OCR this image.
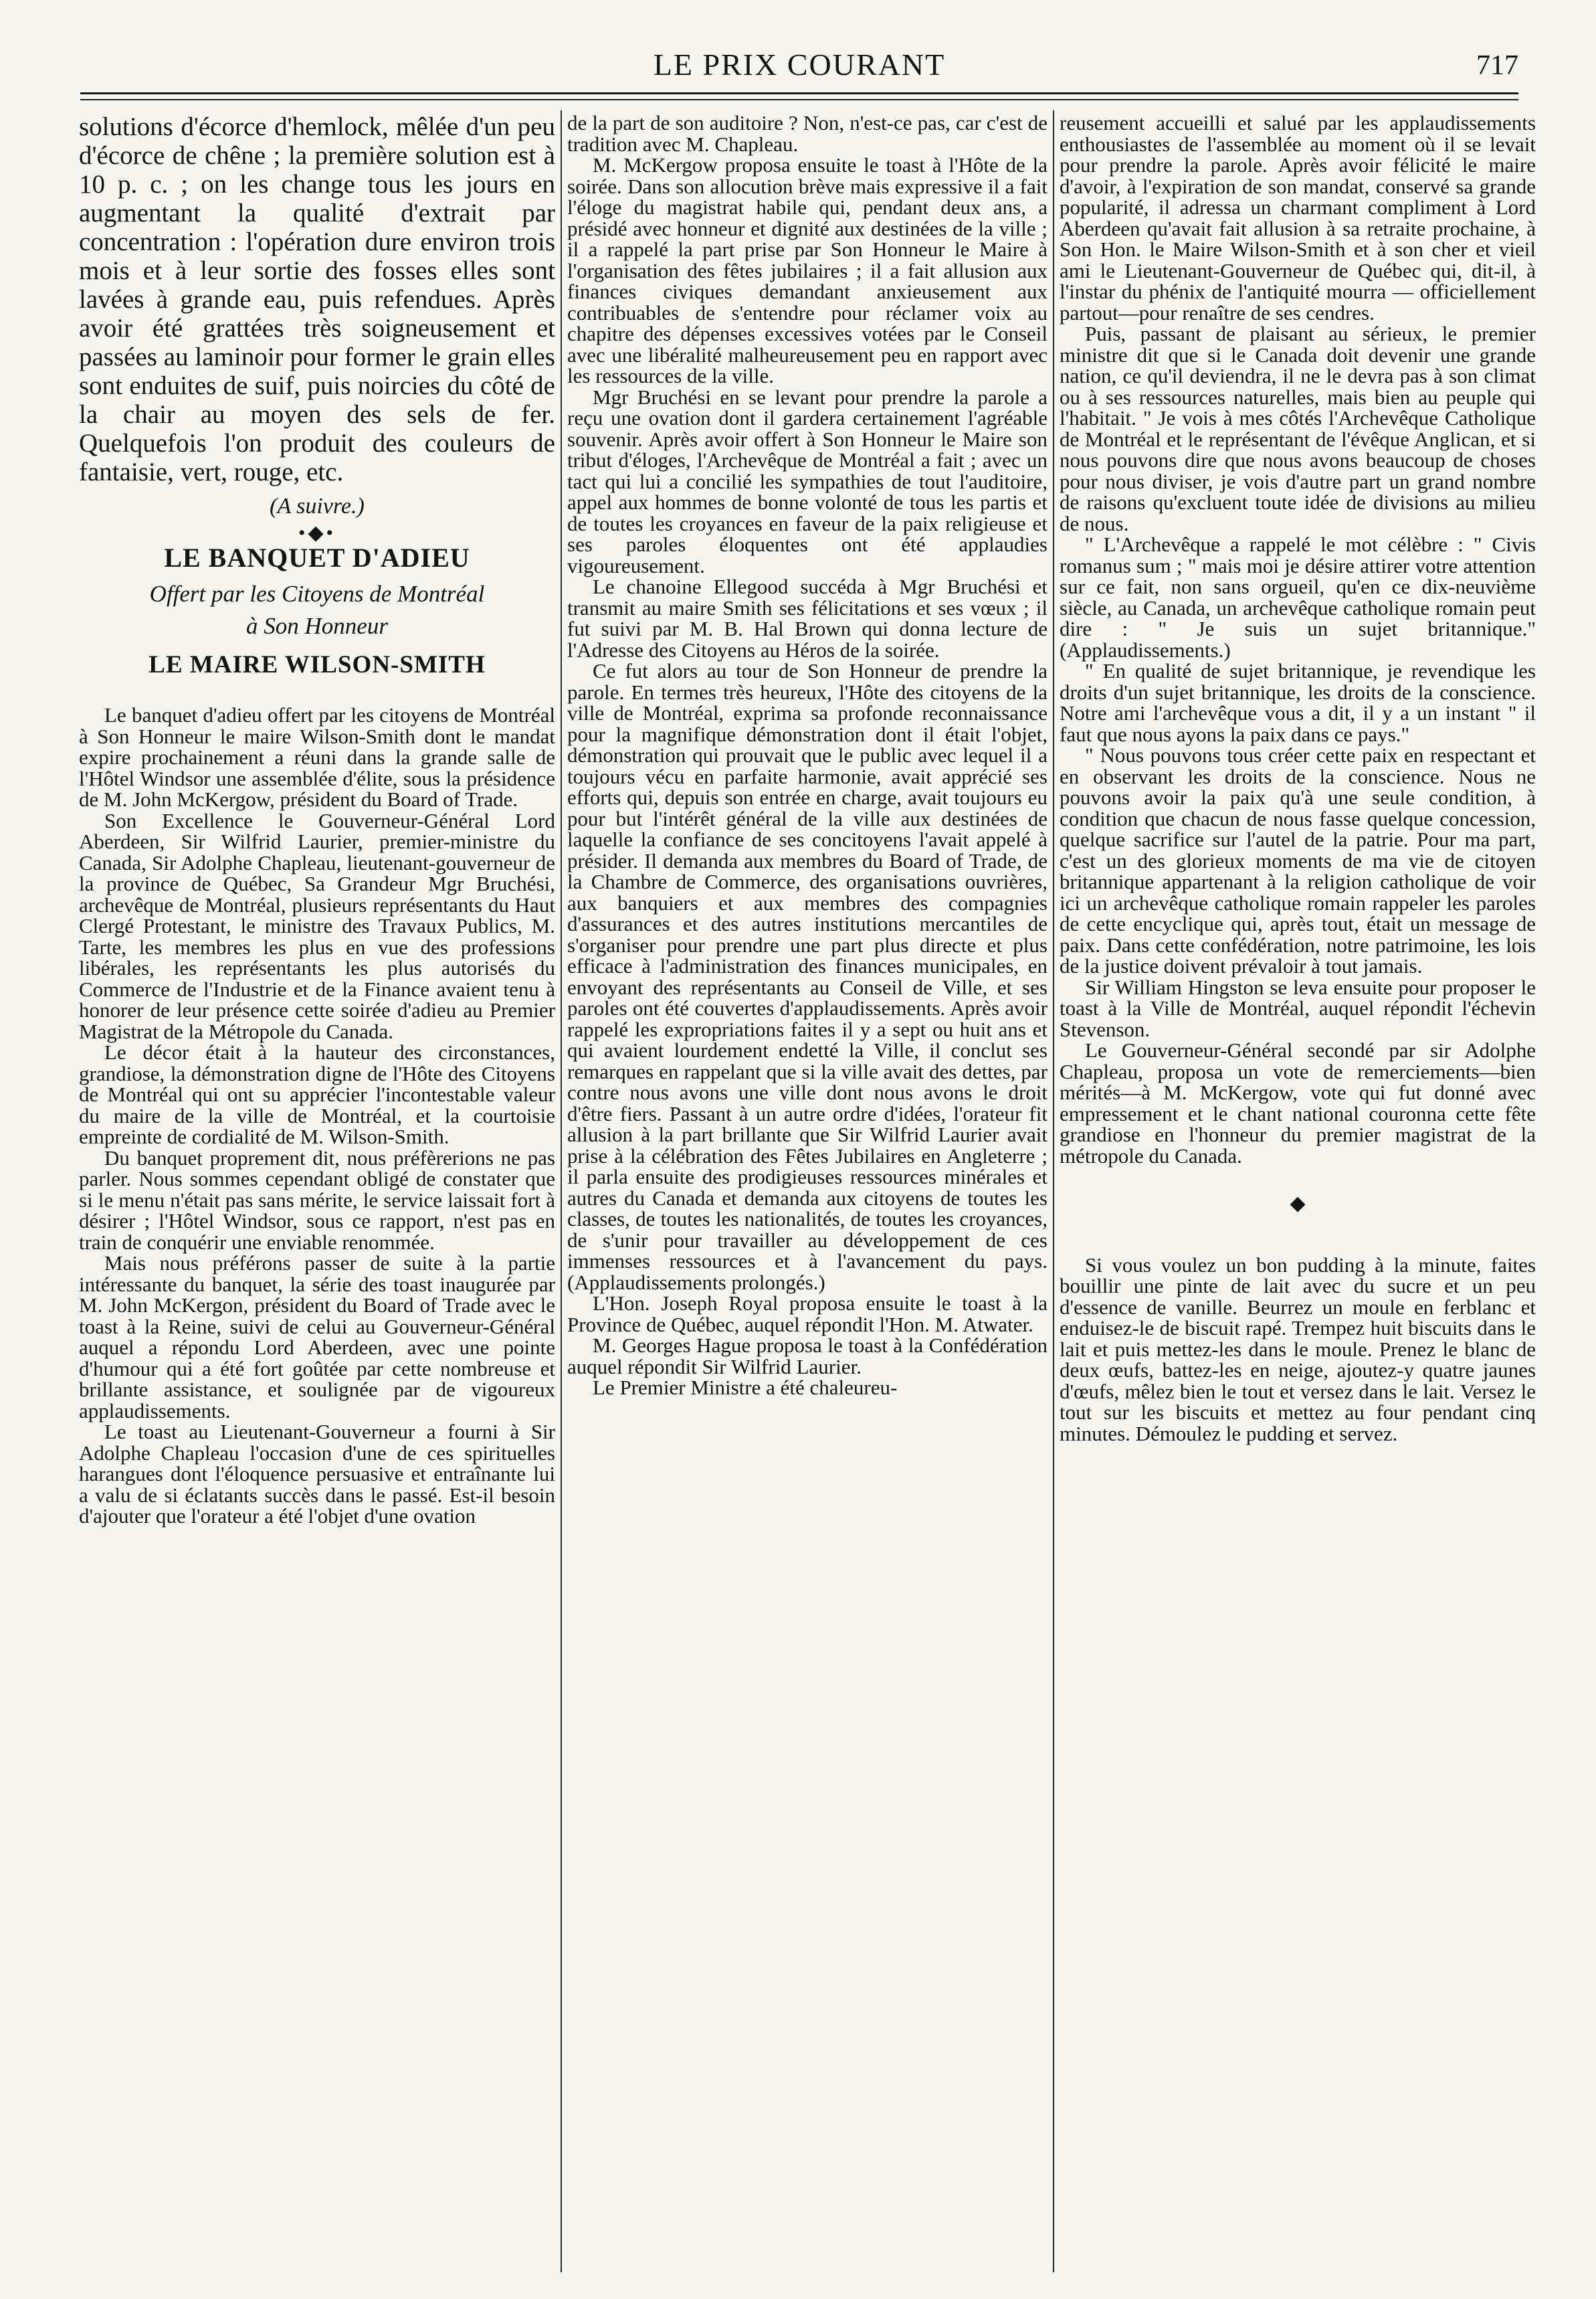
LE PRIX COURANT	717

solutions d'écorce d'hemlock, mêlée d'un peu d'écorce de chêne ; la première solution est à 10 p. c. ; on les change tous les jours en augmentant la qualité d'extrait par concentration : l'opération dure environ trois mois et à leur sortie des fosses elles sont lavées à grande eau, puis refendues. Après avoir été grattées très soigneusement et passées au laminoir pour former le grain elles sont enduites de suif, puis noircies du côté de la chair au moyen des sels de fer. Quelquefois l'on produit des couleurs de fantaisie, vert, rouge, etc.

(A suivre.)
•◆•
LE BANQUET D'ADIEU
Offert par les Citoyens de Montréal
à Son Honneur
LE MAIRE WILSON-SMITH

Le banquet d'adieu offert par les citoyens de Montréal à Son Honneur le maire Wilson-Smith dont le mandat expire prochainement a réuni dans la grande salle de l'Hôtel Windsor une assemblée d'élite, sous la présidence de M. John McKergow, président du Board of Trade.

Son Excellence le Gouverneur-Général Lord Aberdeen, Sir Wilfrid Laurier, premier-ministre du Canada, Sir Adolphe Chapleau, lieutenant-gouverneur de la province de Québec, Sa Grandeur Mgr Bruchési, archevêque de Montréal, plusieurs représentants du Haut Clergé Protestant, le ministre des Travaux Publics, M. Tarte, les membres les plus en vue des professions libérales, les représentants les plus autorisés du Commerce de l'Industrie et de la Finance avaient tenu à honorer de leur présence cette soirée d'adieu au Premier Magistrat de la Métropole du Canada.

Le décor était à la hauteur des circonstances, grandiose, la démonstration digne de l'Hôte des Citoyens de Montréal qui ont su apprécier l'incontestable valeur du maire de la ville de Montréal, et la courtoisie empreinte de cordialité de M. Wilson-Smith.

Du banquet proprement dit, nous préfèrerions ne pas parler. Nous sommes cependant obligé de constater que si le menu n'était pas sans mérite, le service laissait fort à désirer ; l'Hôtel Windsor, sous ce rapport, n'est pas en train de conquérir une enviable renommée.

Mais nous préférons passer de suite à la partie intéressante du banquet, la série des toast inaugurée par M. John McKergon, président du Board of Trade avec le toast à la Reine, suivi de celui au Gouverneur-Général auquel a répondu Lord Aberdeen, avec une pointe d'humour qui a été fort goûtée par cette nombreuse et brillante assistance, et soulignée par de vigoureux applaudissements.

Le toast au Lieutenant-Gouverneur a fourni à Sir Adolphe Chapleau l'occasion d'une de ces spirituelles harangues dont l'éloquence persuasive et entraînante lui a valu de si éclatants succès dans le passé. Est-il besoin d'ajouter que l'orateur a été l'objet d'une ovation

de la part de son auditoire ? Non, n'est-ce pas, car c'est de tradition avec M. Chapleau.

M. McKergow proposa ensuite le toast à l'Hôte de la soirée. Dans son allocution brève mais expressive il a fait l'éloge du magistrat habile qui, pendant deux ans, a présidé avec honneur et dignité aux destinées de la ville ; il a rappelé la part prise par Son Honneur le Maire à l'organisation des fêtes jubilaires ; il a fait allusion aux finances civiques demandant anxieusement aux contribuables de s'entendre pour réclamer voix au chapitre des dépenses excessives votées par le Conseil avec une libéralité malheureusement peu en rapport avec les ressources de la ville.

Mgr Bruchési en se levant pour prendre la parole a reçu une ovation dont il gardera certainement l'agréable souvenir. Après avoir offert à Son Honneur le Maire son tribut d'éloges, l'Archevêque de Montréal a fait ; avec un tact qui lui a concilié les sympathies de tout l'auditoire, appel aux hommes de bonne volonté de tous les partis et de toutes les croyances en faveur de la paix religieuse et ses paroles éloquentes ont été applaudies vigoureusement.

Le chanoine Ellegood succéda à Mgr Bruchési et transmit au maire Smith ses félicitations et ses vœux ; il fut suivi par M. B. Hal Brown qui donna lecture de l'Adresse des Citoyens au Héros de la soirée.

Ce fut alors au tour de Son Honneur de prendre la parole. En termes très heureux, l'Hôte des citoyens de la ville de Montréal, exprima sa profonde reconnaissance pour la magnifique démonstration dont il était l'objet, démonstration qui prouvait que le public avec lequel il a toujours vécu en parfaite harmonie, avait apprécié ses efforts qui, depuis son entrée en charge, avait toujours eu pour but l'intérêt général de la ville aux destinées de laquelle la confiance de ses concitoyens l'avait appelé à présider. Il demanda aux membres du Board of Trade, de la Chambre de Commerce, des organisations ouvrières, aux banquiers et aux membres des compagnies d'assurances et des autres institutions mercantiles de s'organiser pour prendre une part plus directe et plus efficace à l'administration des finances municipales, en envoyant des représentants au Conseil de Ville, et ses paroles ont été couvertes d'applaudissements. Après avoir rappelé les expropriations faites il y a sept ou huit ans et qui avaient lourdement endetté la Ville, il conclut ses remarques en rappelant que si la ville avait des dettes, par contre nous avons une ville dont nous avons le droit d'être fiers. Passant à un autre ordre d'idées, l'orateur fit allusion à la part brillante que Sir Wilfrid Laurier avait prise à la célébration des Fêtes Jubilaires en Angleterre ; il parla ensuite des prodigieuses ressources minérales et autres du Canada et demanda aux citoyens de toutes les classes, de toutes les nationalités, de toutes les croyances, de s'unir pour travailler au développement de ces immenses ressources et à l'avancement du pays. (Applaudissements prolongés.)

L'Hon. Joseph Royal proposa ensuite le toast à la Province de Québec, auquel répondit l'Hon. M. Atwater.

M. Georges Hague proposa le toast à la Confédération auquel répondit Sir Wilfrid Laurier.

Le Premier Ministre a été chaleureu-

reusement accueilli et salué par les applaudissements enthousiastes de l'assemblée au moment où il se levait pour prendre la parole. Après avoir félicité le maire d'avoir, à l'expiration de son mandat, conservé sa grande popularité, il adressa un charmant compliment à Lord Aberdeen qu'avait fait allusion à sa retraite prochaine, à Son Hon. le Maire Wilson-Smith et à son cher et vieil ami le Lieutenant-Gouverneur de Québec qui, dit-il, à l'instar du phénix de l'antiquité mourra — officiellement partout—pour renaître de ses cendres.

Puis, passant de plaisant au sérieux, le premier ministre dit que si le Canada doit devenir une grande nation, ce qu'il deviendra, il ne le devra pas à son climat ou à ses ressources naturelles, mais bien au peuple qui l'habitait. " Je vois à mes côtés l'Archevêque Catholique de Montréal et le représentant de l'évêque Anglican, et si nous pouvons dire que nous avons beaucoup de choses pour nous diviser, je vois d'autre part un grand nombre de raisons qu'excluent toute idée de divisions au milieu de nous.

" L'Archevêque a rappelé le mot célèbre : " Civis romanus sum ; " mais moi je désire attirer votre attention sur ce fait, non sans orgueil, qu'en ce dix-neuvième siècle, au Canada, un archevêque catholique romain peut dire : " Je suis un sujet britannique." (Applaudissements.)

" En qualité de sujet britannique, je revendique les droits d'un sujet britannique, les droits de la conscience. Notre ami l'archevêque vous a dit, il y a un instant " il faut que nous ayons la paix dans ce pays."

" Nous pouvons tous créer cette paix en respectant et en observant les droits de la conscience. Nous ne pouvons avoir la paix qu'à une seule condition, à condition que chacun de nous fasse quelque concession, quelque sacrifice sur l'autel de la patrie. Pour ma part, c'est un des glorieux moments de ma vie de citoyen britannique appartenant à la religion catholique de voir ici un archevêque catholique romain rappeler les paroles de cette encyclique qui, après tout, était un message de paix. Dans cette confédération, notre patrimoine, les lois de la justice doivent prévaloir à tout jamais.

Sir William Hingston se leva ensuite pour proposer le toast à la Ville de Montréal, auquel répondit l'échevin Stevenson.

Le Gouverneur-Général secondé par sir Adolphe Chapleau, proposa un vote de remerciements—bien mérités—à M. McKergow, vote qui fut donné avec empressement et le chant national couronna cette fête grandiose en l'honneur du premier magistrat de la métropole du Canada.

◆

Si vous voulez un bon pudding à la minute, faites bouillir une pinte de lait avec du sucre et un peu d'essence de vanille. Beurrez un moule en ferblanc et enduisez-le de biscuit rapé. Trempez huit biscuits dans le lait et puis mettez-les dans le moule. Prenez le blanc de deux œufs, battez-les en neige, ajoutez-y quatre jaunes d'œufs, mêlez bien le tout et versez dans le lait. Versez le tout sur les biscuits et mettez au four pendant cinq minutes. Démoulez le pudding et servez.
